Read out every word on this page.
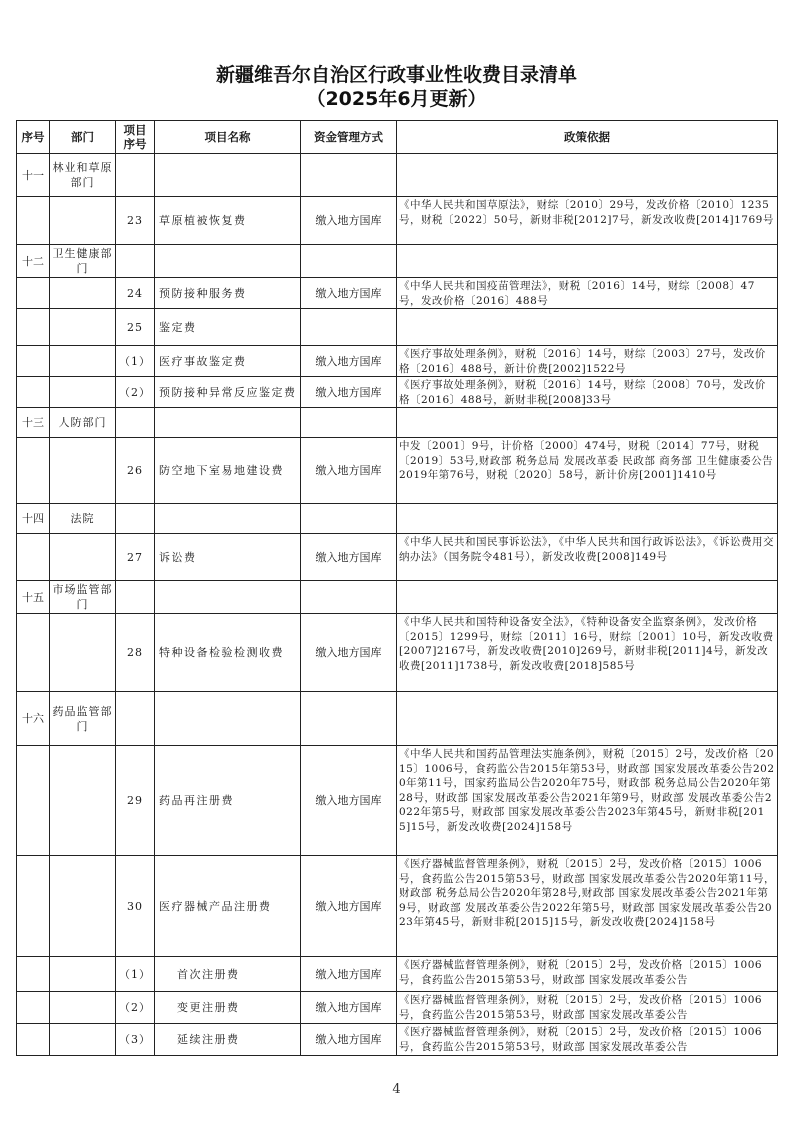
新疆维吾尔自治区行政事业性收费目录清单
（2025年6月更新）
序号	部门	项目序号	项目名称	资金管理方式	政策依据

十一	林业和草原部门				

		23	草原植被恢复费	缴入地方国库	《中华人民共和国草原法》，财综〔2010〕29号，发改价格〔2010〕1235号，财税〔2022〕50号，新财非税[2012]7号，新发改收费[2014]1769号

十二	卫生健康部门				

		24	预防接种服务费	缴入地方国库	《中华人民共和国疫苗管理法》，财税〔2016〕14号，财综〔2008〕47号，发改价格〔2016〕488号

		25	鉴定费		

		（1）	医疗事故鉴定费	缴入地方国库	《医疗事故处理条例》，财税〔2016〕14号，财综〔2003〕27号，发改价格〔2016〕488号，新计价费[2002]1522号

		（2）	预防接种异常反应鉴定费	缴入地方国库	《医疗事故处理条例》，财税〔2016〕14号，财综〔2008〕70号，发改价格〔2016〕488号，新财非税[2008]33号

十三	人防部门				

		26	防空地下室易地建设费	缴入地方国库	中发〔2001〕9号，计价格〔2000〕474号，财税〔2014〕77号，财税〔2019〕53号,财政部 税务总局 发展改革委 民政部 商务部 卫生健康委公告2019年第76号，财税〔2020〕58号，新计价房[2001]1410号

十四	法院				

		27	诉讼费	缴入地方国库	《中华人民共和国民事诉讼法》，《中华人民共和国行政诉讼法》，《诉讼费用交纳办法》（国务院令481号），新发改收费[2008]149号

十五	市场监管部门				

		28	特种设备检验检测收费	缴入地方国库	《中华人民共和国特种设备安全法》，《特种设备安全监察条例》，发改价格〔2015〕1299号，财综〔2011〕16号，财综〔2001〕10号，新发改收费[2007]2167号，新发改收费[2010]269号，新财非税[2011]4号，新发改收费[2011]1738号，新发改收费[2018]585号

十六	药品监管部门				

		29	药品再注册费	缴入地方国库	《中华人民共和国药品管理法实施条例》，财税〔2015〕2号，发改价格〔2015〕1006号，食药监公告2015年第53号，财政部 国家发展改革委公告2020年第11号，国家药监局公告2020年75号，财政部 税务总局公告2020年第28号，财政部 国家发展改革委公告2021年第9号，财政部 发展改革委公告2022年第5号，财政部 国家发展改革委公告2023年第45号，新财非税[2015]15号，新发改收费[2024]158号

		30	医疗器械产品注册费	缴入地方国库	《医疗器械监督管理条例》，财税〔2015〕2号，发改价格〔2015〕1006号，食药监公告2015第53号，财政部 国家发展改革委公告2020年第11号，财政部 税务总局公告2020年第28号,财政部 国家发展改革委公告2021年第9号，财政部 发展改革委公告2022年第5号，财政部 国家发展改革委公告2023年第45号，新财非税[2015]15号，新发改收费[2024]158号

		（1）	首次注册费	缴入地方国库	《医疗器械监督管理条例》，财税〔2015〕2号，发改价格〔2015〕1006号，食药监公告2015第53号，财政部 国家发展改革委公告

		（2）	变更注册费	缴入地方国库	《医疗器械监督管理条例》，财税〔2015〕2号，发改价格〔2015〕1006号，食药监公告2015第53号，财政部 国家发展改革委公告

		（3）	延续注册费	缴入地方国库	《医疗器械监督管理条例》，财税〔2015〕2号，发改价格〔2015〕1006号，食药监公告2015第53号，财政部 国家发展改革委公告
4
